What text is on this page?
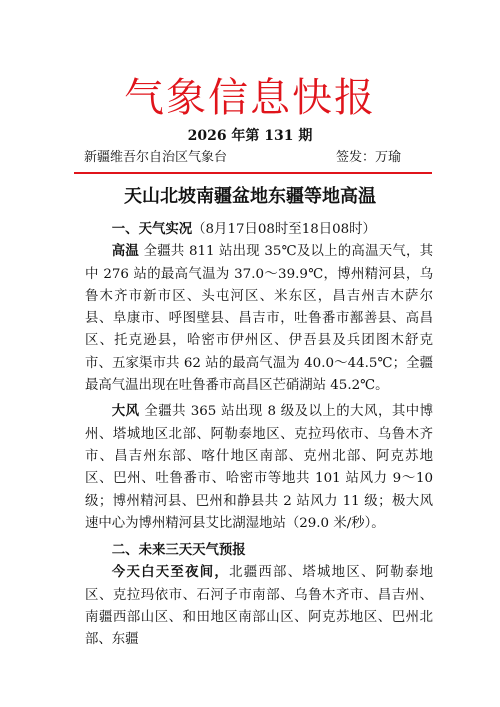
气象信息快报
2026 年第 131 期
新疆维吾尔自治区气象台	签发：万瑜
天山北坡南疆盆地东疆等地高温

一、天气实况（8月17日08时至18日08时）

高温 全疆共 811 站出现 35℃及以上的高温天气，其中 276 站的最高气温为 37.0～39.9℃，博州精河县，乌鲁木齐市新市区、头屯河区、米东区，昌吉州吉木萨尔县、阜康市、呼图壁县、昌吉市，吐鲁番市鄯善县、高昌区、托克逊县，哈密市伊州区、伊吾县及兵团图木舒克市、五家渠市共 62 站的最高气温为 40.0～44.5℃；全疆最高气温出现在吐鲁番市高昌区芒硝湖站 45.2℃。

大风 全疆共 365 站出现 8 级及以上的大风，其中博州、塔城地区北部、阿勒泰地区、克拉玛依市、乌鲁木齐市、昌吉州东部、喀什地区南部、克州北部、阿克苏地区、巴州、吐鲁番市、哈密市等地共 101 站风力 9～10 级；博州精河县、巴州和静县共 2 站风力 11 级；极大风速中心为博州精河县艾比湖湿地站（29.0 米/秒）。

二、未来三天天气预报

今天白天至夜间，北疆西部、塔城地区、阿勒泰地区、克拉玛依市、石河子市南部、乌鲁木齐市、昌吉州、南疆西部山区、和田地区南部山区、阿克苏地区、巴州北部、东疆
